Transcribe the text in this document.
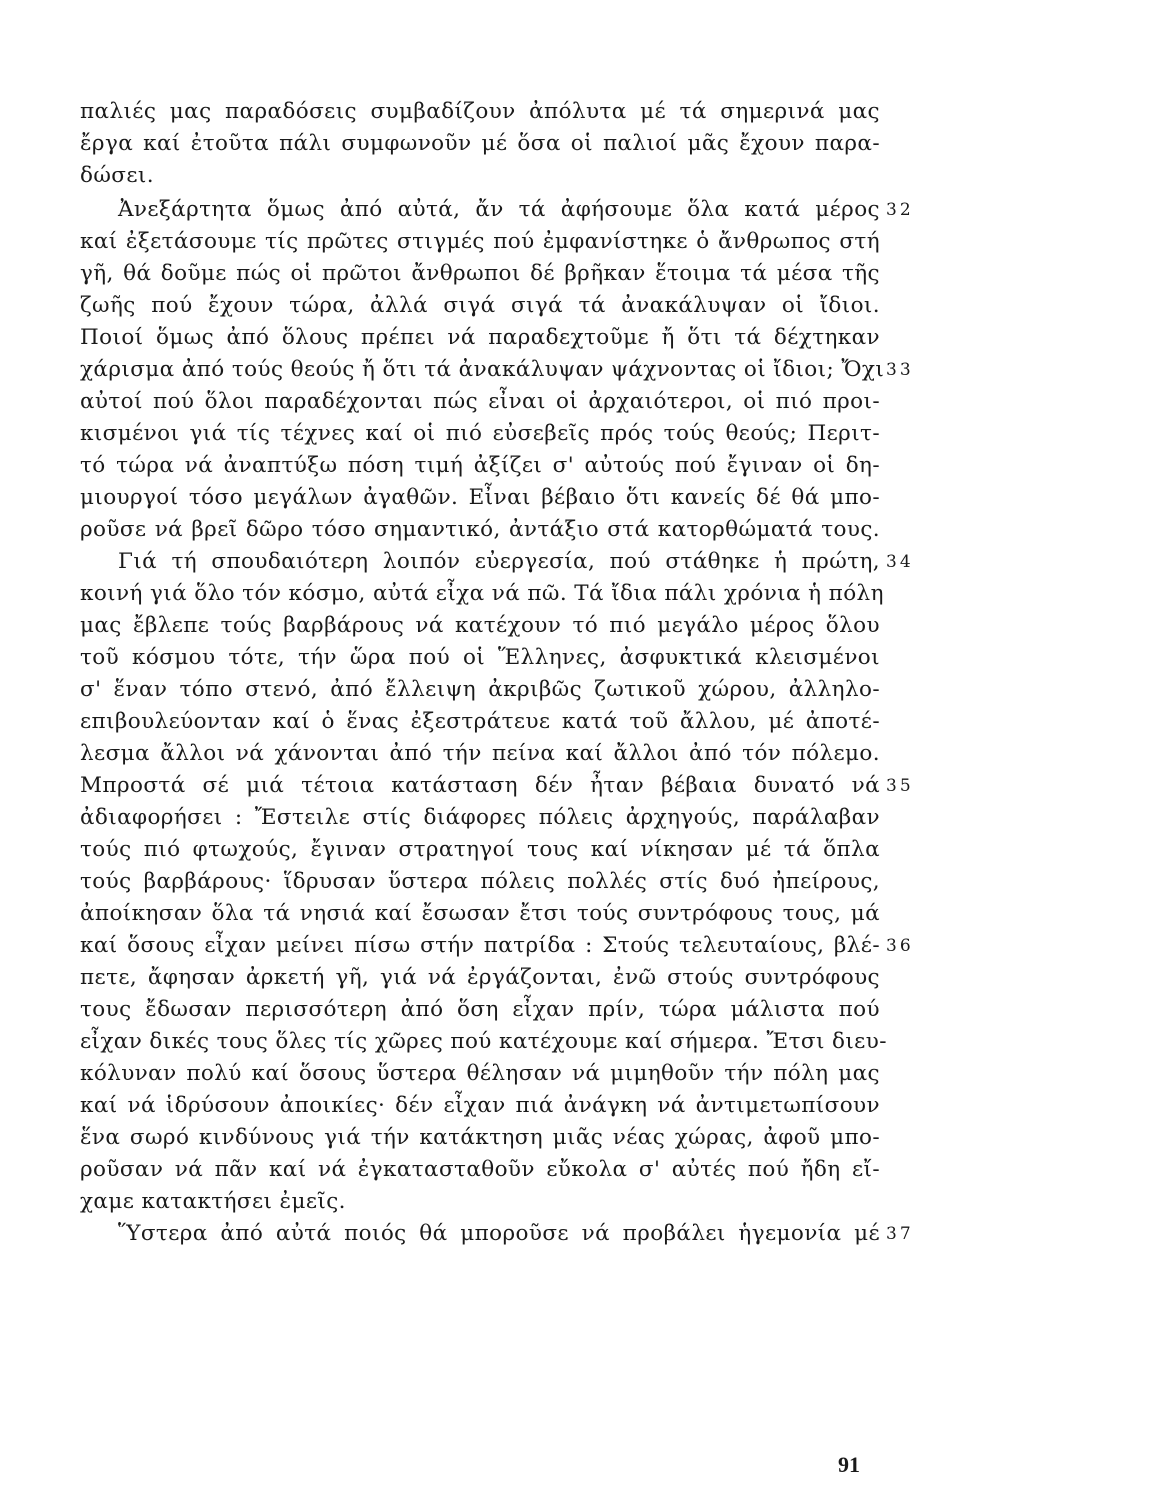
παλιές μας παραδόσεις συμβαδίζουν ἀπόλυτα μέ τά σημερινά μας
ἔργα καί ἐτοῦτα πάλι συμφωνοῦν μέ ὅσα οἱ παλιοί μᾶς ἔχουν παρα-
δώσει.
Ἀνεξάρτητα ὅμως ἀπό αὐτά, ἄν τά ἀφήσουμε ὅλα κατά μέρος 32
καί ἐξετάσουμε τίς πρῶτες στιγμές πού ἐμφανίστηκε ὁ ἄνθρωπος στή
γῆ, θά δοῦμε πώς οἱ πρῶτοι ἄνθρωποι δέ βρῆκαν ἕτοιμα τά μέσα τῆς
ζωῆς πού ἔχουν τώρα, ἀλλά σιγά σιγά τά ἀνακάλυψαν οἱ ἴδιοι.
Ποιοί ὅμως ἀπό ὅλους πρέπει νά παραδεχτοῦμε ἤ ὅτι τά δέχτηκαν
χάρισμα ἀπό τούς θεούς ἤ ὅτι τά ἀνακάλυψαν ψάχνοντας οἱ ἴδιοι; Ὄχι 33
αὐτοί πού ὅλοι παραδέχονται πώς εἶναι οἱ ἀρχαιότεροι, οἱ πιό προι-
κισμένοι γιά τίς τέχνες καί οἱ πιό εὐσεβεῖς πρός τούς θεούς; Περιτ-
τό τώρα νά ἀναπτύξω πόση τιμή ἀξίζει σ' αὐτούς πού ἔγιναν οἱ δη-
μιουργοί τόσο μεγάλων ἀγαθῶν. Εἶναι βέβαιο ὅτι κανείς δέ θά μπο-
ροῦσε νά βρεῖ δῶρο τόσο σημαντικό, ἀντάξιο στά κατορθώματά τους.
Γιά τή σπουδαιότερη λοιπόν εὐεργεσία, πού στάθηκε ἡ πρώτη, 34
κοινή γιά ὅλο τόν κόσμο, αὐτά εἶχα νά πῶ. Τά ἴδια πάλι χρόνια ἡ πόλη
μας ἔβλεπε τούς βαρβάρους νά κατέχουν τό πιό μεγάλο μέρος ὅλου
τοῦ κόσμου τότε, τήν ὥρα πού οἱ Ἕλληνες, ἀσφυκτικά κλεισμένοι
σ' ἕναν τόπο στενό, ἀπό ἔλλειψη ἀκριβῶς ζωτικοῦ χώρου, ἀλληλο-
επιβουλεύονταν καί ὁ ἕνας ἐξεστράτευε κατά τοῦ ἄλλου, μέ ἀποτέ-
λεσμα ἄλλοι νά χάνονται ἀπό τήν πείνα καί ἄλλοι ἀπό τόν πόλεμο.
Μπροστά σέ μιά τέτοια κατάσταση δέν ἦταν βέβαια δυνατό νά 35
ἀδιαφορήσει : Ἔστειλε στίς διάφορες πόλεις ἀρχηγούς, παράλαβαν
τούς πιό φτωχούς, ἔγιναν στρατηγοί τους καί νίκησαν μέ τά ὅπλα
τούς βαρβάρους· ἵδρυσαν ὕστερα πόλεις πολλές στίς δυό ἠπείρους,
ἀποίκησαν ὅλα τά νησιά καί ἔσωσαν ἔτσι τούς συντρόφους τους, μά
καί ὅσους εἶχαν μείνει πίσω στήν πατρίδα : Στούς τελευταίους, βλέ- 36
πετε, ἄφησαν ἀρκετή γῆ, γιά νά ἐργάζονται, ἐνῶ στούς συντρόφους
τους ἔδωσαν περισσότερη ἀπό ὅση εἶχαν πρίν, τώρα μάλιστα πού
εἶχαν δικές τους ὅλες τίς χῶρες πού κατέχουμε καί σήμερα. Ἔτσι διευ-
κόλυναν πολύ καί ὅσους ὕστερα θέλησαν νά μιμηθοῦν τήν πόλη μας
καί νά ἱδρύσουν ἀποικίες· δέν εἶχαν πιά ἀνάγκη νά ἀντιμετωπίσουν
ἕνα σωρό κινδύνους γιά τήν κατάκτηση μιᾶς νέας χώρας, ἀφοῦ μπο-
ροῦσαν νά πᾶν καί νά ἐγκατασταθοῦν εὔκολα σ' αὐτές πού ἤδη εἴ-
χαμε κατακτήσει ἐμεῖς.
Ὕστερα ἀπό αὐτά ποιός θά μποροῦσε νά προβάλει ἡγεμονία μέ 37
91
